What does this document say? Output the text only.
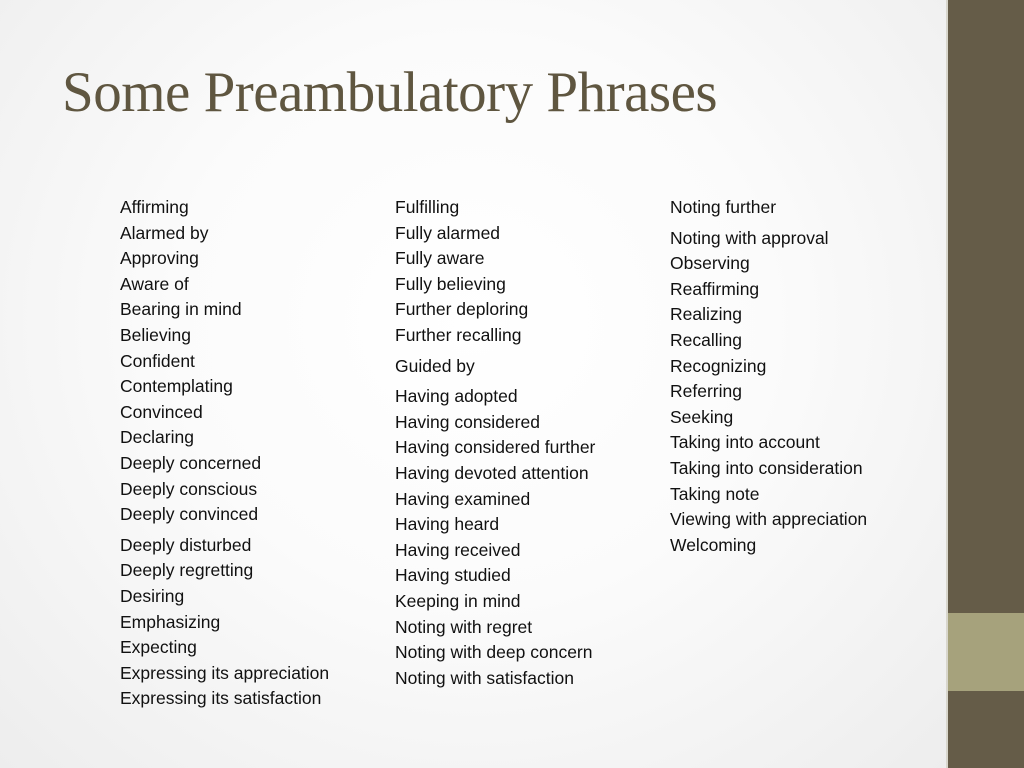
Some Preambulatory Phrases
Affirming
Alarmed by
Approving
Aware of
Bearing in mind
Believing
Confident
Contemplating
Convinced
Declaring
Deeply concerned
Deeply conscious
Deeply convinced
Deeply disturbed
Deeply regretting
Desiring
Emphasizing
Expecting
Expressing its appreciation
Expressing its satisfaction
Fulfilling
Fully alarmed
Fully aware
Fully believing
Further deploring
Further recalling
Guided by
Having adopted
Having considered
Having considered further
Having devoted attention
Having examined
Having heard
Having received
Having studied
Keeping in mind
Noting with regret
Noting with deep concern
Noting with satisfaction
Noting further
Noting with approval
Observing
Reaffirming
Realizing
Recalling
Recognizing
Referring
Seeking
Taking into account
Taking into consideration
Taking note
Viewing with appreciation
Welcoming
